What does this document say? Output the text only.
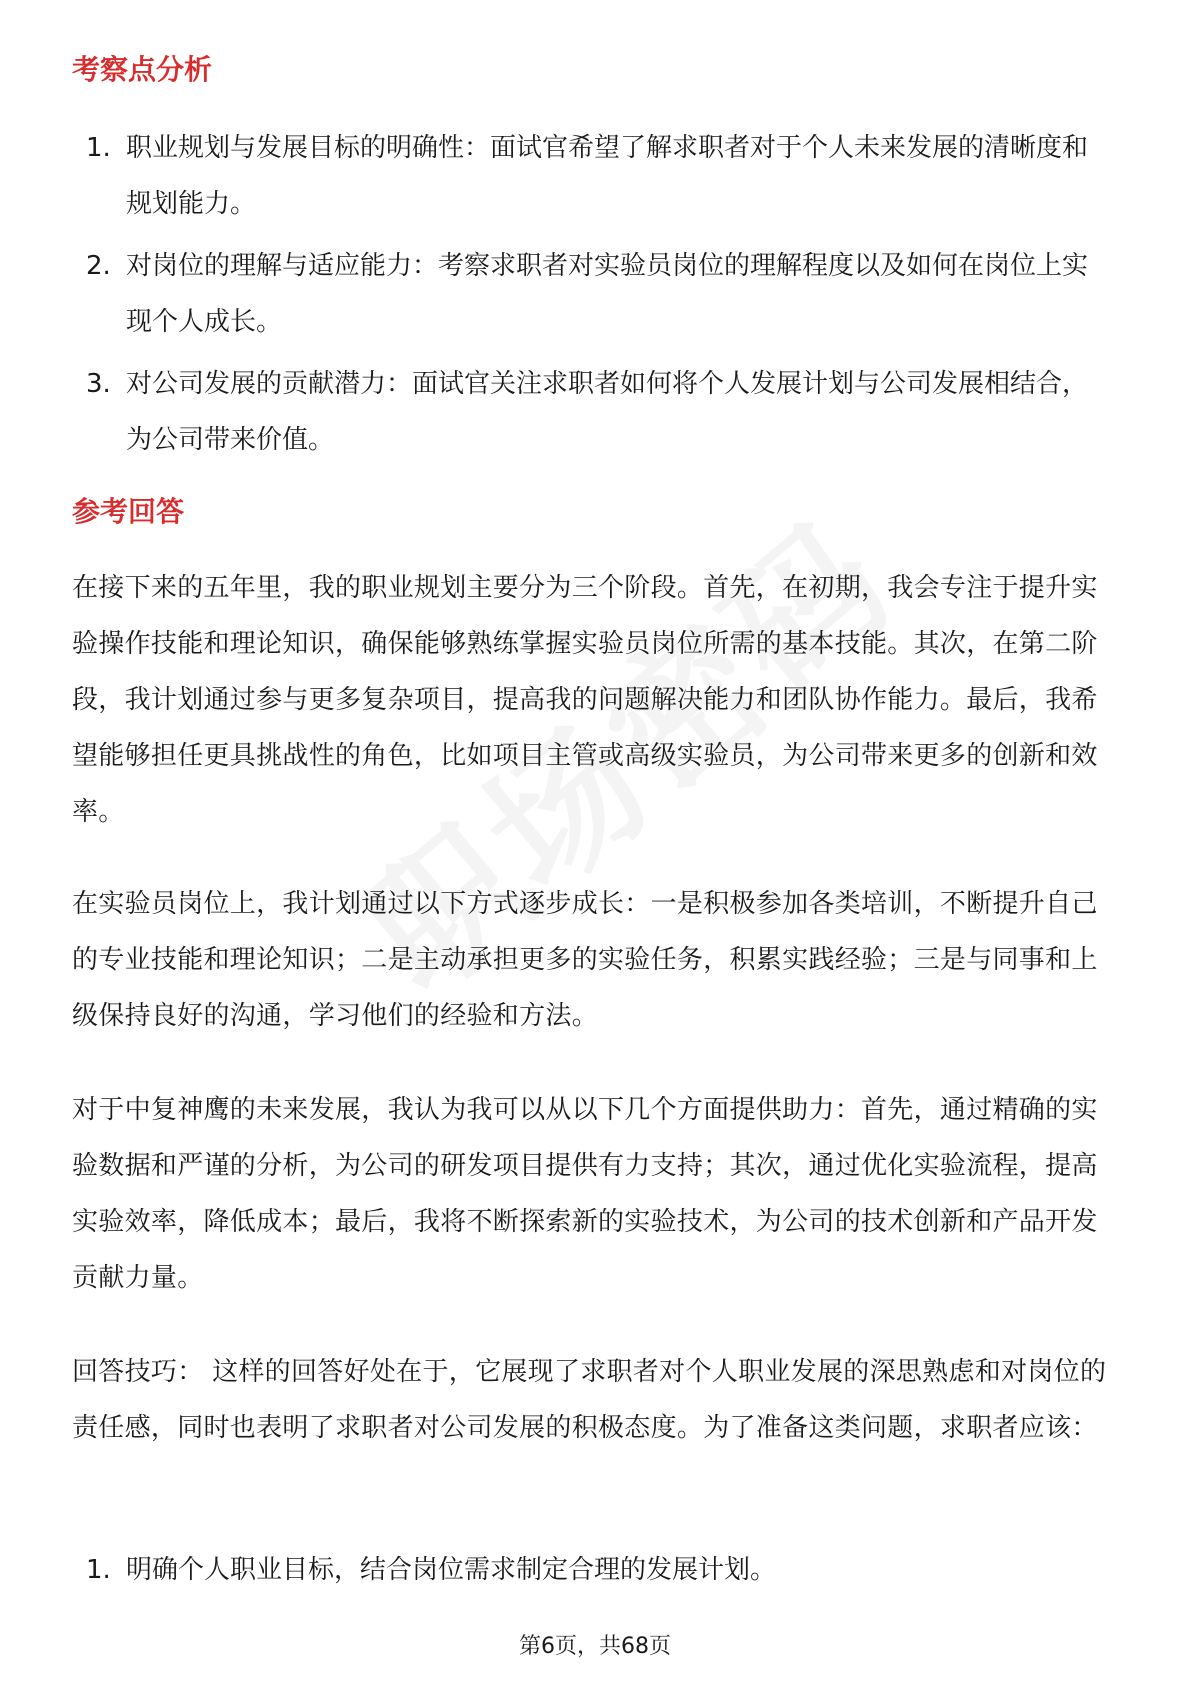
考察点分析
1. 职业规划与发展目标的明确性：面试官希望了解求职者对于个人未来发展的清晰度和规划能力。
2. 对岗位的理解与适应能力：考察求职者对实验员岗位的理解程度以及如何在岗位上实现个人成长。
3. 对公司发展的贡献潜力：面试官关注求职者如何将个人发展计划与公司发展相结合，为公司带来价值。
参考回答

在接下来的五年里，我的职业规划主要分为三个阶段。首先，在初期，我会专注于提升实验操作技能和理论知识，确保能够熟练掌握实验员岗位所需的基本技能。其次，在第二阶段，我计划通过参与更多复杂项目，提高我的问题解决能力和团队协作能力。最后，我希望能够担任更具挑战性的角色，比如项目主管或高级实验员，为公司带来更多的创新和效率。

在实验员岗位上，我计划通过以下方式逐步成长：一是积极参加各类培训，不断提升自己的专业技能和理论知识；二是主动承担更多的实验任务，积累实践经验；三是与同事和上级保持良好的沟通，学习他们的经验和方法。

对于中复神鹰的未来发展，我认为我可以从以下几个方面提供助力：首先，通过精确的实验数据和严谨的分析，为公司的研发项目提供有力支持；其次，通过优化实验流程，提高实验效率，降低成本；最后，我将不断探索新的实验技术，为公司的技术创新和产品开发贡献力量。

回答技巧： 这样的回答好处在于，它展现了求职者对个人职业发展的深思熟虑和对岗位的责任感，同时也表明了求职者对公司发展的积极态度。为了准备这类问题，求职者应该：

1. 明确个人职业目标，结合岗位需求制定合理的发展计划。
第6页，共68页
